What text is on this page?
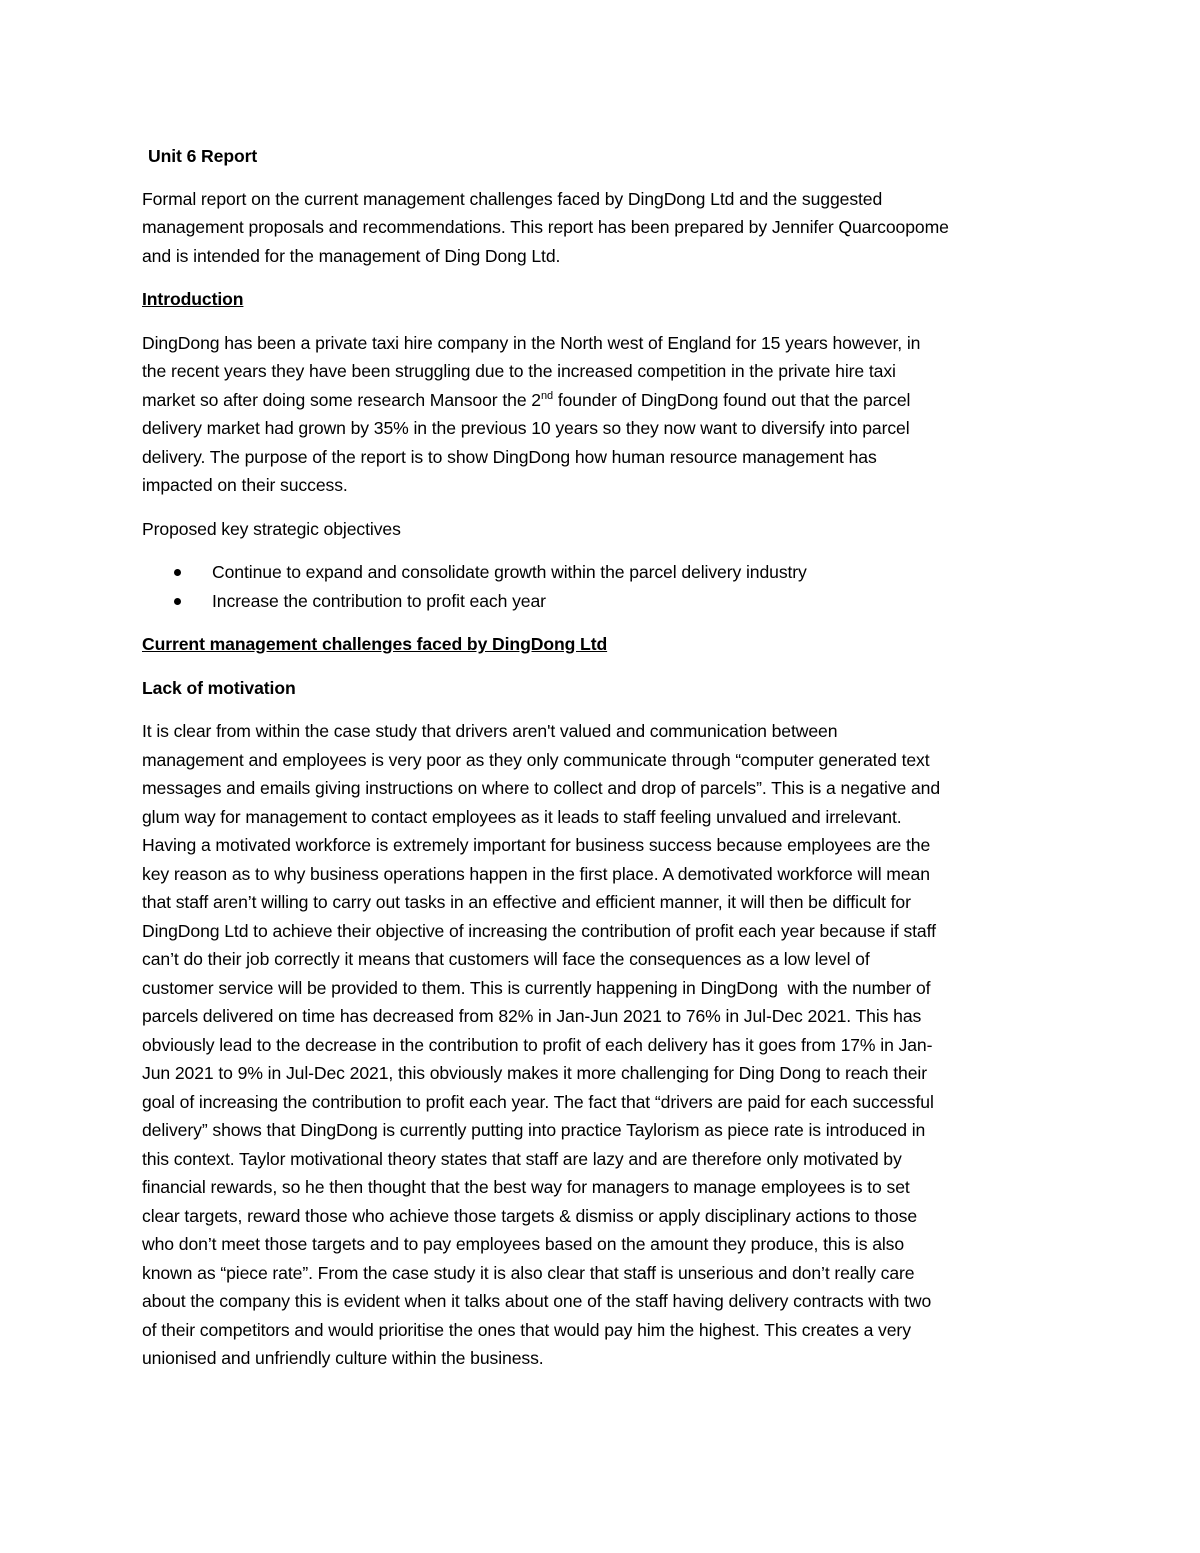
Unit 6 Report

Formal report on the current management challenges faced by DingDong Ltd and the suggested

management proposals and recommendations. This report has been prepared by Jennifer Quarcoopome

and is intended for the management of Ding Dong Ltd.

Introduction

DingDong has been a private taxi hire company in the North west of England for 15 years however, in

the recent years they have been struggling due to the increased competition in the private hire taxi

market so after doing some research Mansoor the 2nd founder of DingDong found out that the parcel

delivery market had grown by 35% in the previous 10 years so they now want to diversify into parcel

delivery. The purpose of the report is to show DingDong how human resource management has

impacted on their success.

Proposed key strategic objectives

Continue to expand and consolidate growth within the parcel delivery industry
Increase the contribution to profit each year

Current management challenges faced by DingDong Ltd

Lack of motivation

It is clear from within the case study that drivers aren't valued and communication between

management and employees is very poor as they only communicate through “computer generated text

messages and emails giving instructions on where to collect and drop of parcels”. This is a negative and

glum way for management to contact employees as it leads to staff feeling unvalued and irrelevant.

Having a motivated workforce is extremely important for business success because employees are the

key reason as to why business operations happen in the first place. A demotivated workforce will mean

that staff aren’t willing to carry out tasks in an effective and efficient manner, it will then be difficult for

DingDong Ltd to achieve their objective of increasing the contribution of profit each year because if staff

can’t do their job correctly it means that customers will face the consequences as a low level of

customer service will be provided to them. This is currently happening in DingDong  with the number of

parcels delivered on time has decreased from 82% in Jan-Jun 2021 to 76% in Jul-Dec 2021. This has

obviously lead to the decrease in the contribution to profit of each delivery has it goes from 17% in Jan-

Jun 2021 to 9% in Jul-Dec 2021, this obviously makes it more challenging for Ding Dong to reach their

goal of increasing the contribution to profit each year. The fact that “drivers are paid for each successful

delivery” shows that DingDong is currently putting into practice Taylorism as piece rate is introduced in

this context. Taylor motivational theory states that staff are lazy and are therefore only motivated by

financial rewards, so he then thought that the best way for managers to manage employees is to set

clear targets, reward those who achieve those targets & dismiss or apply disciplinary actions to those

who don’t meet those targets and to pay employees based on the amount they produce, this is also

known as “piece rate”. From the case study it is also clear that staff is unserious and don’t really care

about the company this is evident when it talks about one of the staff having delivery contracts with two

of their competitors and would prioritise the ones that would pay him the highest. This creates a very

unionised and unfriendly culture within the business.
